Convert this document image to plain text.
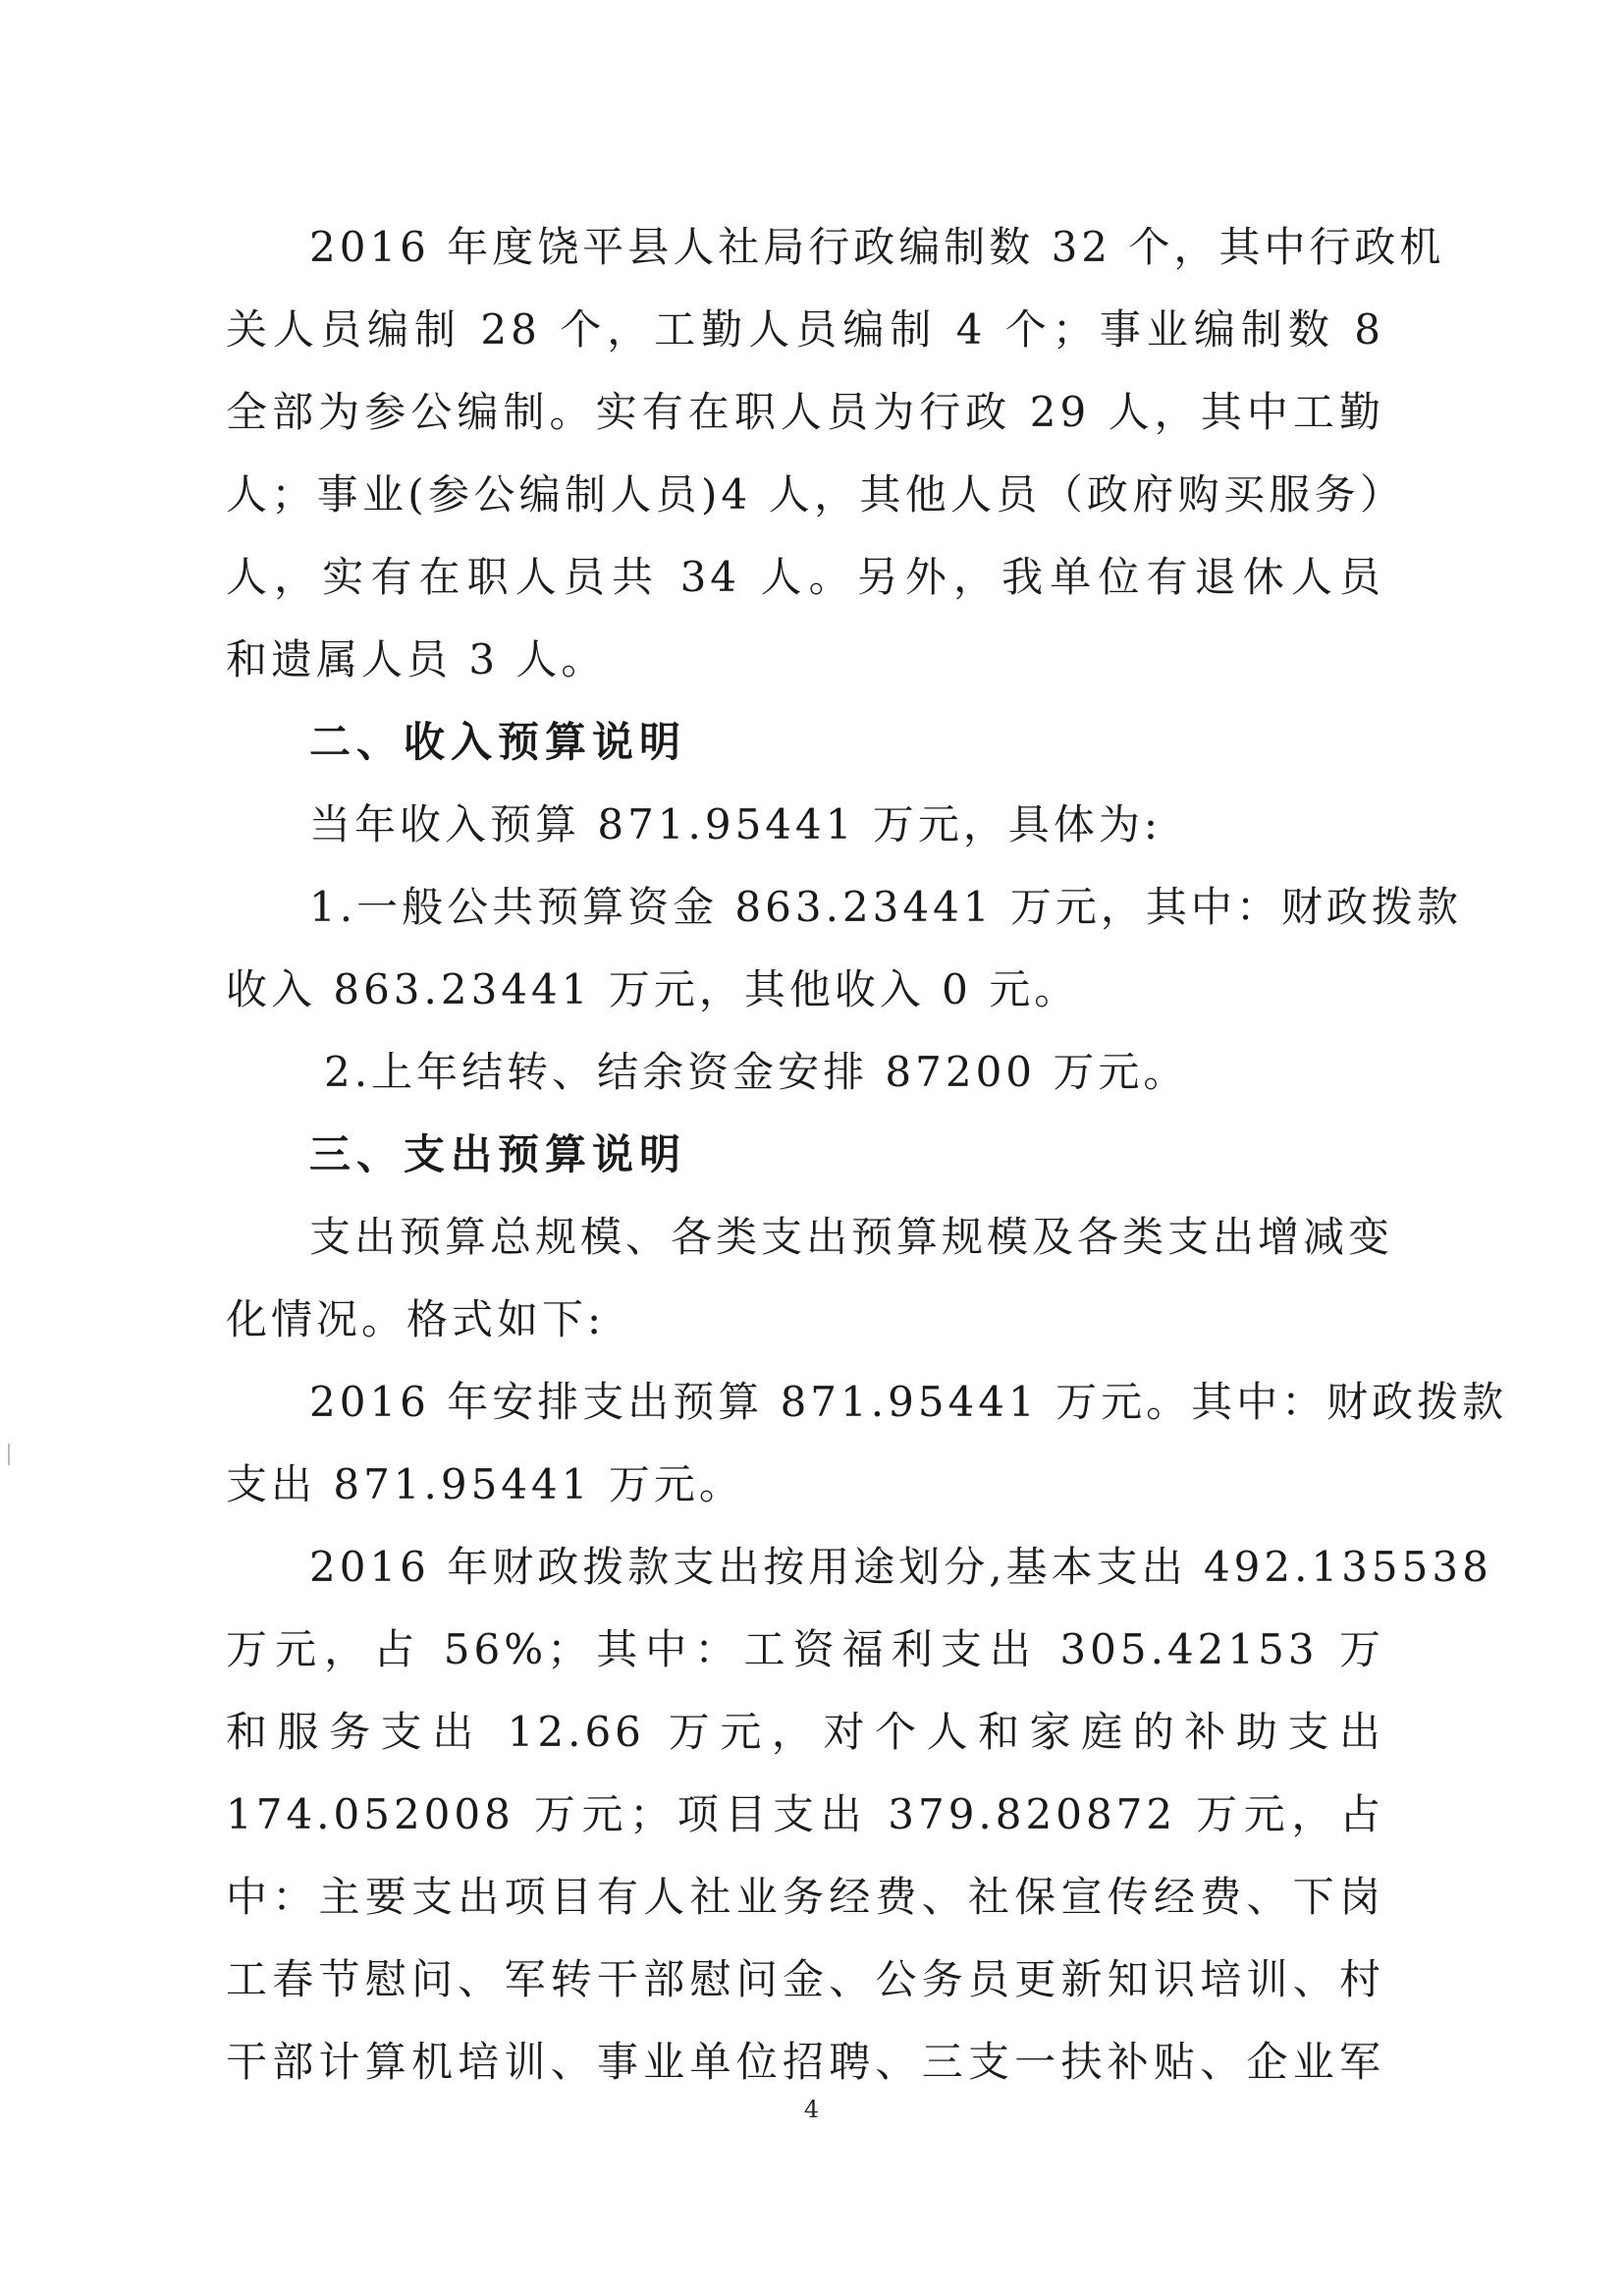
2016 年度饶平县人社局行政编制数 32 个，其中行政机
关人员编制 28 个，工勤人员编制 4 个；事业编制数 8
全部为参公编制。实有在职人员为行政 29 人，其中工勤
人；事业(参公编制人员)4 人，其他人员（政府购买服务）
人，实有在职人员共 34 人。另外，我单位有退休人员
和遗属人员 3 人。
二、收入预算说明
当年收入预算 871.95441 万元，具体为:
1.一般公共预算资金 863.23441 万元，其中：财政拨款
收入 863.23441 万元，其他收入 0 元。
2.上年结转、结余资金安排 87200 万元。
三、支出预算说明
支出预算总规模、各类支出预算规模及各类支出增减变
化情况。格式如下:
2016 年安排支出预算 871.95441 万元。其中：财政拨款
支出 871.95441 万元。
2016 年财政拨款支出按用途划分,基本支出 492.135538
万元，占 56%；其中：工资福利支出 305.42153 万
和服务支出 12.66 万元，对个人和家庭的补助支出
174.052008 万元；项目支出 379.820872 万元，占
中：主要支出项目有人社业务经费、社保宣传经费、下岗
工春节慰问、军转干部慰问金、公务员更新知识培训、村
干部计算机培训、事业单位招聘、三支一扶补贴、企业军
4
